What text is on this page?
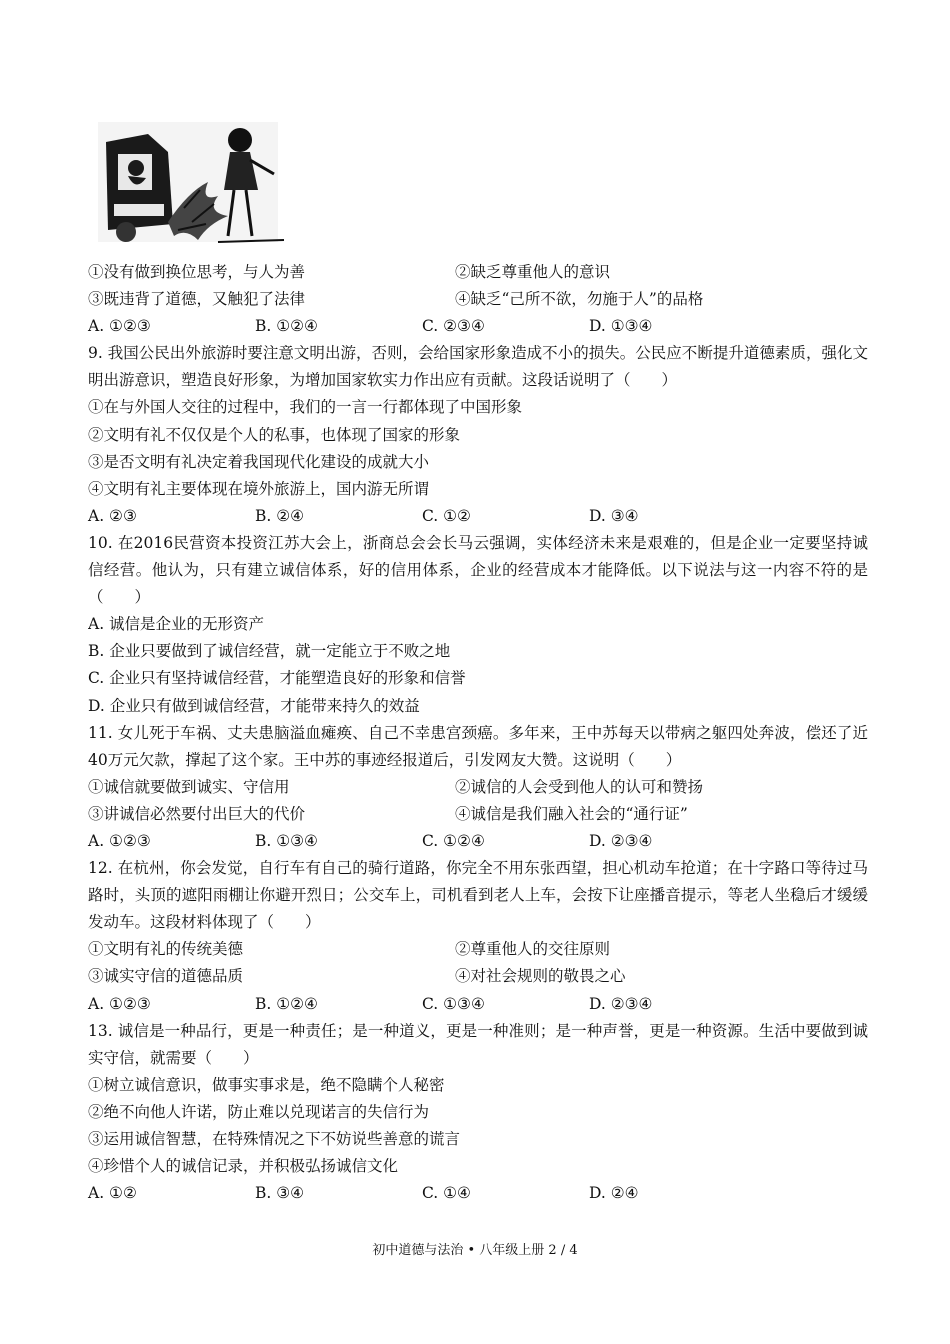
①没有做到换位思考，与人为善	②缺乏尊重他人的意识
③既违背了道德，又触犯了法律	④缺乏“己所不欲，勿施于人”的品格
A. ①②③	B. ①②④	C. ②③④	D. ①③④
9. 我国公民出外旅游时要注意文明出游，否则，会给国家形象造成不小的损失。公民应不断提升道德素质，强化文明出游意识，塑造良好形象，为增加国家软实力作出应有贡献。这段话说明了（　　）
①在与外国人交往的过程中，我们的一言一行都体现了中国形象
②文明有礼不仅仅是个人的私事，也体现了国家的形象
③是否文明有礼决定着我国现代化建设的成就大小
④文明有礼主要体现在境外旅游上，国内游无所谓
A. ②③	B. ②④	C. ①②	D. ③④
10. 在2016民营资本投资江苏大会上，浙商总会会长马云强调，实体经济未来是艰难的，但是企业一定要坚持诚信经营。他认为，只有建立诚信体系，好的信用体系，企业的经营成本才能降低。以下说法与这一内容不符的是（　　）
A. 诚信是企业的无形资产
B. 企业只要做到了诚信经营，就一定能立于不败之地
C. 企业只有坚持诚信经营，才能塑造良好的形象和信誉
D. 企业只有做到诚信经营，才能带来持久的效益
11. 女儿死于车祸、丈夫患脑溢血瘫痪、自己不幸患宫颈癌。多年来，王中苏每天以带病之躯四处奔波，偿还了近40万元欠款，撑起了这个家。王中苏的事迹经报道后，引发网友大赞。这说明（　　）
①诚信就要做到诚实、守信用	②诚信的人会受到他人的认可和赞扬
③讲诚信必然要付出巨大的代价	④诚信是我们融入社会的“通行证”
A. ①②③	B. ①③④	C. ①②④	D. ②③④
12. 在杭州，你会发觉，自行车有自己的骑行道路，你完全不用东张西望，担心机动车抢道；在十字路口等待过马路时，头顶的遮阳雨棚让你避开烈日；公交车上，司机看到老人上车，会按下让座播音提示，等老人坐稳后才缓缓发动车。这段材料体现了（　　）
①文明有礼的传统美德	②尊重他人的交往原则
③诚实守信的道德品质	④对社会规则的敬畏之心
A. ①②③	B. ①②④	C. ①③④	D. ②③④
13. 诚信是一种品行，更是一种责任；是一种道义，更是一种准则；是一种声誉，更是一种资源。生活中要做到诚实守信，就需要（　　）
①树立诚信意识，做事实事求是，绝不隐瞒个人秘密
②绝不向他人许诺，防止难以兑现诺言的失信行为
③运用诚信智慧，在特殊情况之下不妨说些善意的谎言
④珍惜个人的诚信记录，并积极弘扬诚信文化
A. ①②	B. ③④	C. ①④	D. ②④
初中道德与法治 • 八年级上册 2 / 4
